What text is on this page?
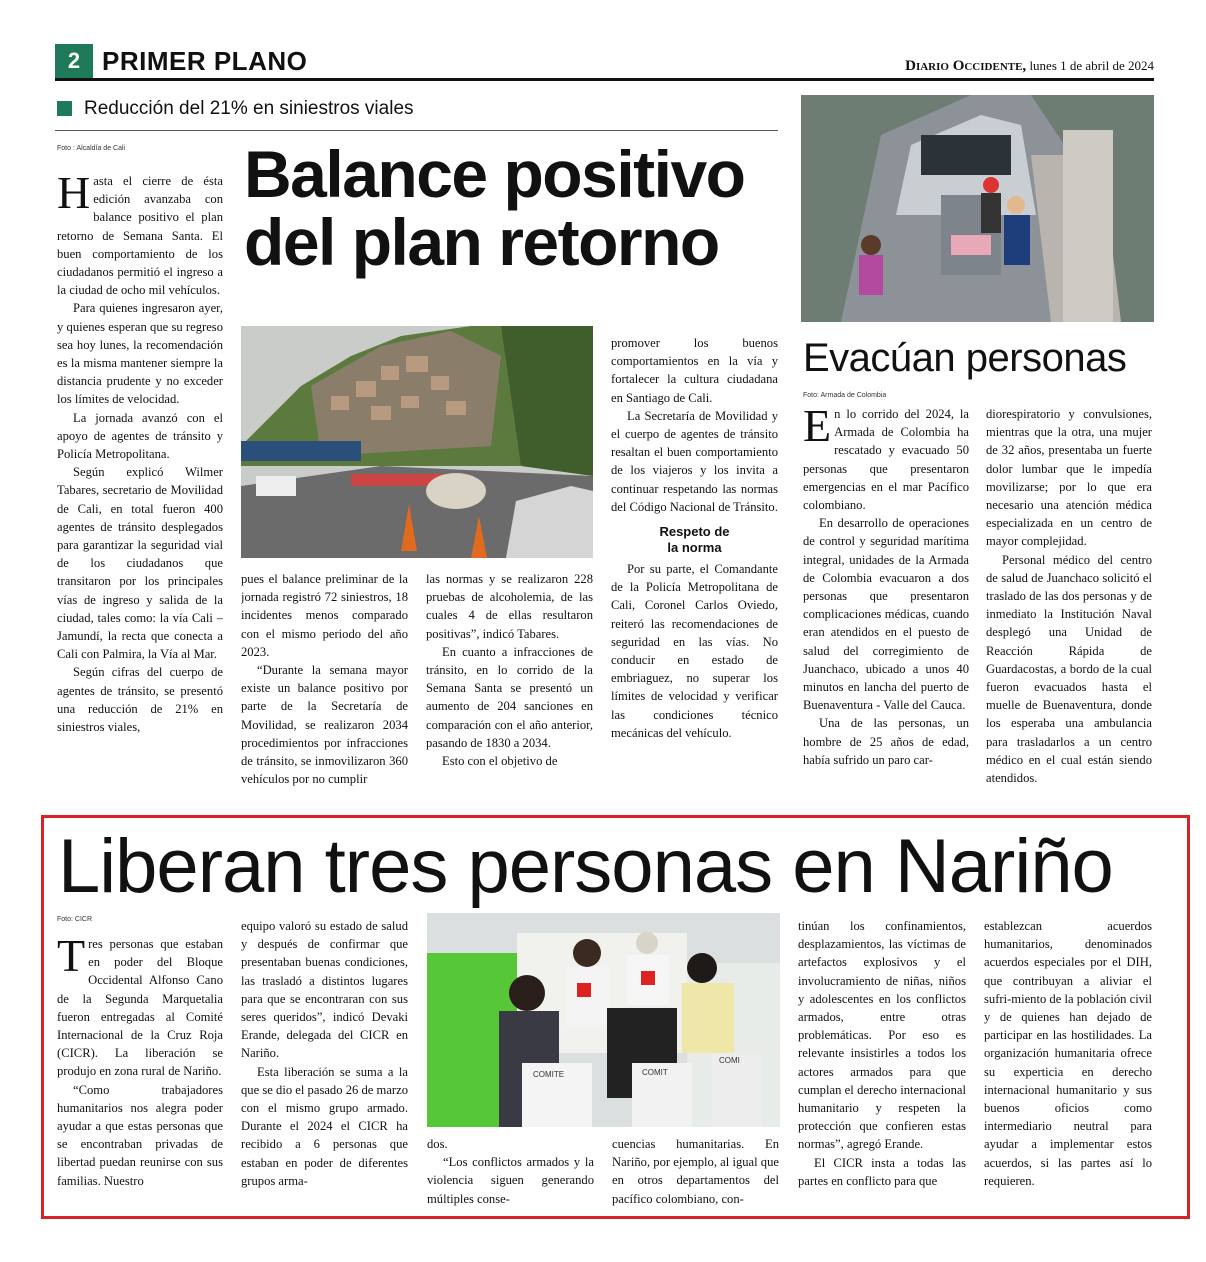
2 PRIMER PLANO	Diario Occidente, lunes 1 de abril de 2024
Reducción del 21% en siniestros viales
Foto : Alcaldía de Cali Balance positivo
del plan retorno

Hasta el cierre de ésta edición avanzaba con balance positivo el plan retorno de Semana Santa. El buen comportamiento de los ciudadanos permitió el ingreso a la ciudad de ocho mil vehículos.

Para quienes ingresaron ayer, y quienes esperan que su regreso sea hoy lunes, la recomendación es la misma mantener siempre la distancia prudente y no exceder los límites de velocidad.

La jornada avanzó con el apoyo de agentes de tránsito y Policía Metropolitana.

Según explicó Wilmer Tabares, secretario de Movilidad de Cali, en total fueron 400 agentes de tránsito desplegados para garantizar la seguridad vial de los ciudadanos que transitaron por los principales vías de ingreso y salida de la ciudad, tales como: la vía Cali – Jamundí, la recta que conecta a Cali con Palmira, la Vía al Mar.

Según cifras del cuerpo de agentes de tránsito, se presentó una reducción de 21% en siniestros viales,

pues el balance preliminar de la jornada registró 72 siniestros, 18 incidentes menos comparado con el mismo periodo del año 2023.

“Durante la semana mayor existe un balance positivo por parte de la Secretaría de Movilidad, se realizaron 2034 procedimientos por infracciones de tránsito, se inmovilizaron 360 vehículos por no cumplir

las normas y se realizaron 228 pruebas de alcoholemia, de las cuales 4 de ellas resultaron positivas”, indicó Tabares.

En cuanto a infracciones de tránsito, en lo corrido de la Semana Santa se presentó un aumento de 204 sanciones en comparación con el año anterior, pasando de 1830 a 2034.

Esto con el objetivo de

promover los buenos comportamientos en la vía y fortalecer la cultura ciudadana en Santiago de Cali.

La Secretaría de Movilidad y el cuerpo de agentes de tránsito resaltan el buen comportamiento de los viajeros y los invita a continuar respetando las normas del Código Nacional de Tránsito.

Respeto de
la norma

Por su parte, el Comandante de la Policía Metropolitana de Cali, Coronel Carlos Oviedo, reiteró las recomendaciones de seguridad en las vías. No conducir en estado de embriaguez, no superar los límites de velocidad y verificar las condiciones técnico mecánicas del vehículo.

Evacúan personas
Foto: Armada de Colombia

En lo corrido del 2024, la Armada de Colombia ha rescatado y evacuado 50 personas que presentaron emergencias en el mar Pacífico colombiano.

En desarrollo de operaciones de control y seguridad marítima integral, unidades de la Armada de Colombia evacuaron a dos personas que presentaron complicaciones médicas, cuando eran atendidos en el puesto de salud del corregimiento de Juanchaco, ubicado a unos 40 minutos en lancha del puerto de Buenaventura - Valle del Cauca.

Una de las personas, un hombre de 25 años de edad, había sufrido un paro car-

diorespiratorio y convulsiones, mientras que la otra, una mujer de 32 años, presentaba un fuerte dolor lumbar que le impedía movilizarse; por lo que era necesario una atención médica especializada en un centro de mayor complejidad.

Personal médico del centro de salud de Juanchaco solicitó el traslado de las dos personas y de inmediato la Institución Naval desplegó una Unidad de Reacción Rápida de Guardacostas, a bordo de la cual fueron evacuados hasta el muelle de Buenaventura, donde los esperaba una ambulancia para trasladarlos a un centro médico en el cual están siendo atendidos.

Liberan tres personas en Nariño
Foto: CICR

Tres personas que estaban en poder del Bloque Occidental Alfonso Cano de la Segunda Marquetalia fueron entregadas al Comité Internacional de la Cruz Roja (CICR). La liberación se produjo en zona rural de Nariño.

“Como trabajadores humanitarios nos alegra poder ayudar a que estas personas que se encontraban privadas de libertad puedan reunirse con sus familias. Nuestro

equipo valoró su estado de salud y después de confirmar que presentaban buenas condiciones, las trasladó a distintos lugares para que se encontraran con sus seres queridos”, indicó Devaki Erande, delegada del CICR en Nariño.

Esta liberación se suma a la que se dio el pasado 26 de marzo con el mismo grupo armado. Durante el 2024 el CICR ha recibido a 6 personas que estaban en poder de diferentes grupos arma-

COMITE	COMIT
COMI

dos.

“Los conflictos armados y la violencia siguen generando múltiples conse-

cuencias humanitarias. En Nariño, por ejemplo, al igual que en otros departamentos del pacífico colombiano, con-

tinúan los confinamientos, desplazamientos, las víctimas de artefactos explosivos y el involucramiento de niñas, niños y adolescentes en los conflictos armados, entre otras problemáticas. Por eso es relevante insistirles a todos los actores armados para que cumplan el derecho internacional humanitario y respeten la protección que confieren estas normas”, agregó Erande.

El CICR insta a todas las partes en conflicto para que

establezcan acuerdos humanitarios, denominados acuerdos especiales por el DIH, que contribuyan a aliviar el sufri-miento de la población civil y de quienes han dejado de participar en las hostilidades. La organización humanitaria ofrece su experticia en derecho internacional humanitario y sus buenos oficios como intermediario neutral para ayudar a implementar estos acuerdos, si las partes así lo requieren.
